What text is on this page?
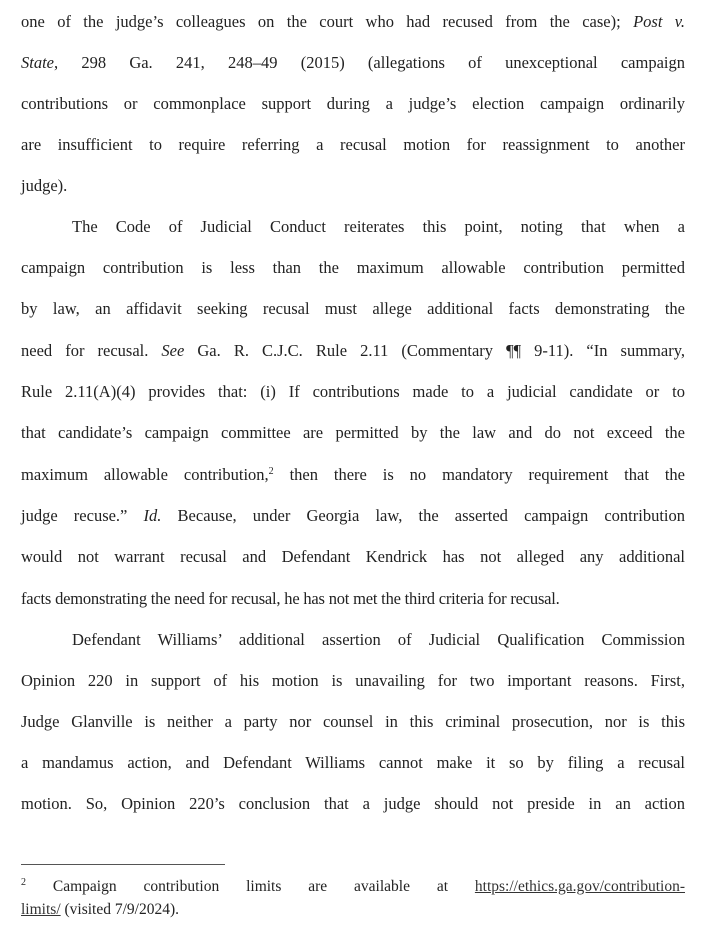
one of the judge’s colleagues on the court who had recused from the case); Post v.
State, 298 Ga. 241, 248–49 (2015) (allegations of unexceptional campaign
contributions or commonplace support during a judge’s election campaign ordinarily
are insufficient to require referring a recusal motion for reassignment to another
judge).
The Code of Judicial Conduct reiterates this point, noting that when a
campaign contribution is less than the maximum allowable contribution permitted
by law, an affidavit seeking recusal must allege additional facts demonstrating the
need for recusal. See Ga. R. C.J.C. Rule 2.11 (Commentary ¶¶ 9-11). “In summary,
Rule 2.11(A)(4) provides that: (i) If contributions made to a judicial candidate or to
that candidate’s campaign committee are permitted by the law and do not exceed the
maximum allowable contribution,$^2$ then there is no mandatory requirement that the
judge recuse.” Id. Because, under Georgia law, the asserted campaign contribution
would not warrant recusal and Defendant Kendrick has not alleged any additional
facts demonstrating the need for recusal, he has not met the third criteria for recusal.
Defendant Williams’ additional assertion of Judicial Qualification Commission
Opinion 220 in support of his motion is unavailing for two important reasons. First,
Judge Glanville is neither a party nor counsel in this criminal prosecution, nor is this
a mandamus action, and Defendant Williams cannot make it so by filing a recusal
motion. So, Opinion 220’s conclusion that a judge should not preside in an action
$^2$ Campaign contribution limits are available at https://ethics.ga.gov/contribution-
limits/ (visited 7/9/2024).
